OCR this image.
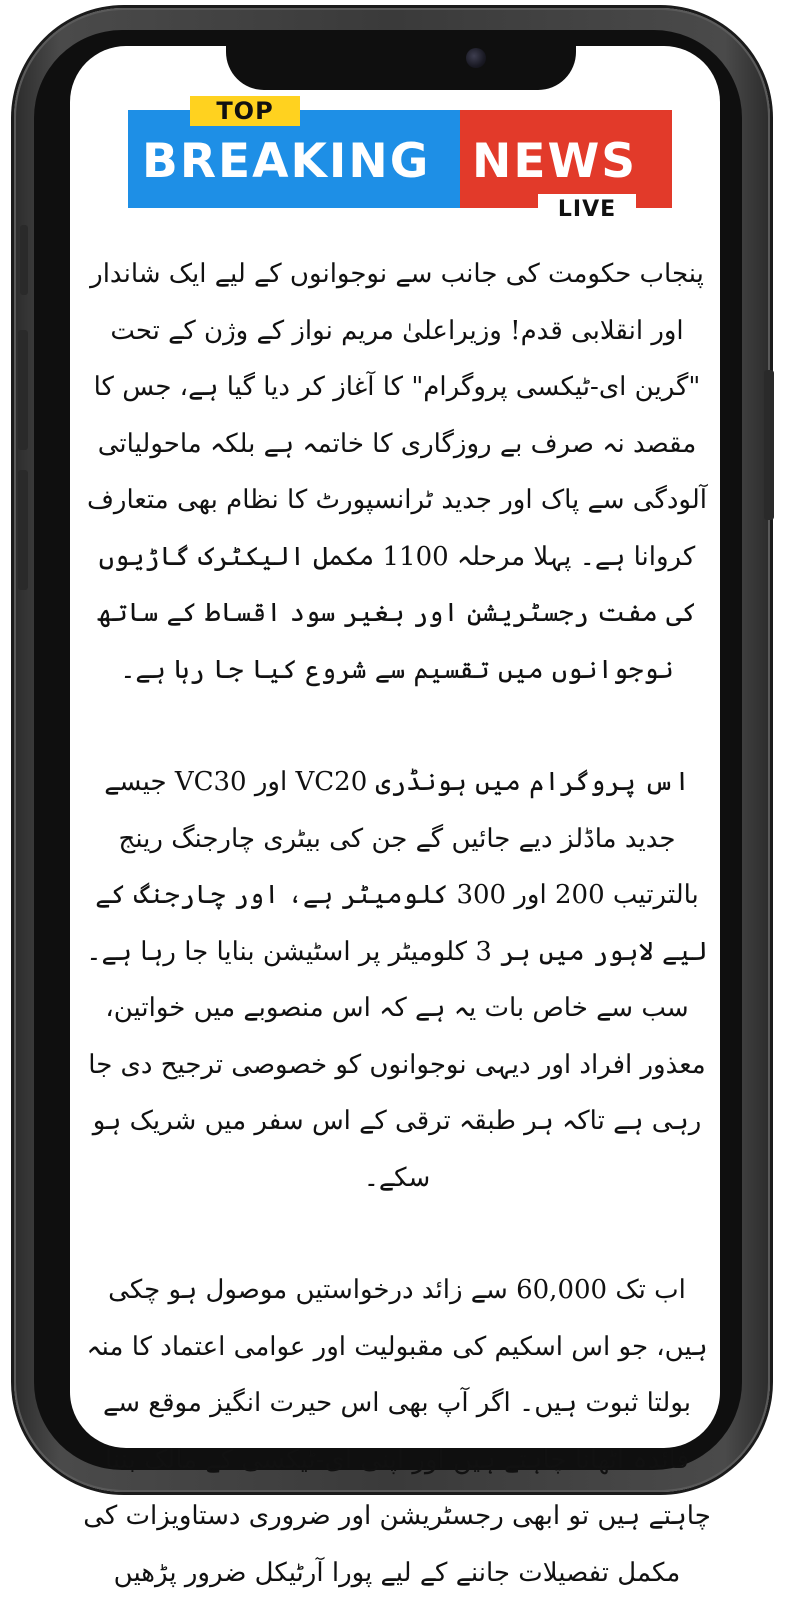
TOP
BREAKING NEWS
LIVE

پنجاب حکومت کی جانب سے نوجوانوں کے لیے ایک شاندار اور انقلابی قدم! وزیراعلیٰ مریم نواز کے وژن کے تحت "گرین ای-ٹیکسی پروگرام" کا آغاز کر دیا گیا ہے، جس کا مقصد نہ صرف بے روزگاری کا خاتمہ ہے بلکہ ماحولیاتی آلودگی سے پاک اور جدید ٹرانسپورٹ کا نظام بھی متعارف کروانا ہے۔ پہلا مرحلہ 1100 مکمل الیکٹرک گاڑیوں کی مفت رجسٹریشن اور بغیر سود اقساط کے ساتھ نوجوانوں میں تقسیم سے شروع کیا جا رہا ہے۔

اس پروگرام میں ہونڈری VC20 اور VC30 جیسے جدید ماڈلز دیے جائیں گے جن کی بیٹری چارجنگ رینج بالترتیب 200 اور 300 کلومیٹر ہے، اور چارجنگ کے لیے لاہور میں ہر 3 کلومیٹر پر اسٹیشن بنایا جا رہا ہے۔ سب سے خاص بات یہ ہے کہ اس منصوبے میں خواتین، معذور افراد اور دیہی نوجوانوں کو خصوصی ترجیح دی جا رہی ہے تاکہ ہر طبقہ ترقی کے اس سفر میں شریک ہو سکے۔

اب تک 60,000 سے زائد درخواستیں موصول ہو چکی ہیں، جو اس اسکیم کی مقبولیت اور عوامی اعتماد کا منہ بولتا ثبوت ہیں۔ اگر آپ بھی اس حیرت انگیز موقع سے فائدہ اٹھانا چاہتے ہیں اور اپنی ای-ٹیکسی کے مالک بننا چاہتے ہیں تو ابھی رجسٹریشن اور ضروری دستاویزات کی مکمل تفصیلات جاننے کے لیے پورا آرٹیکل ضرور پڑھیں
